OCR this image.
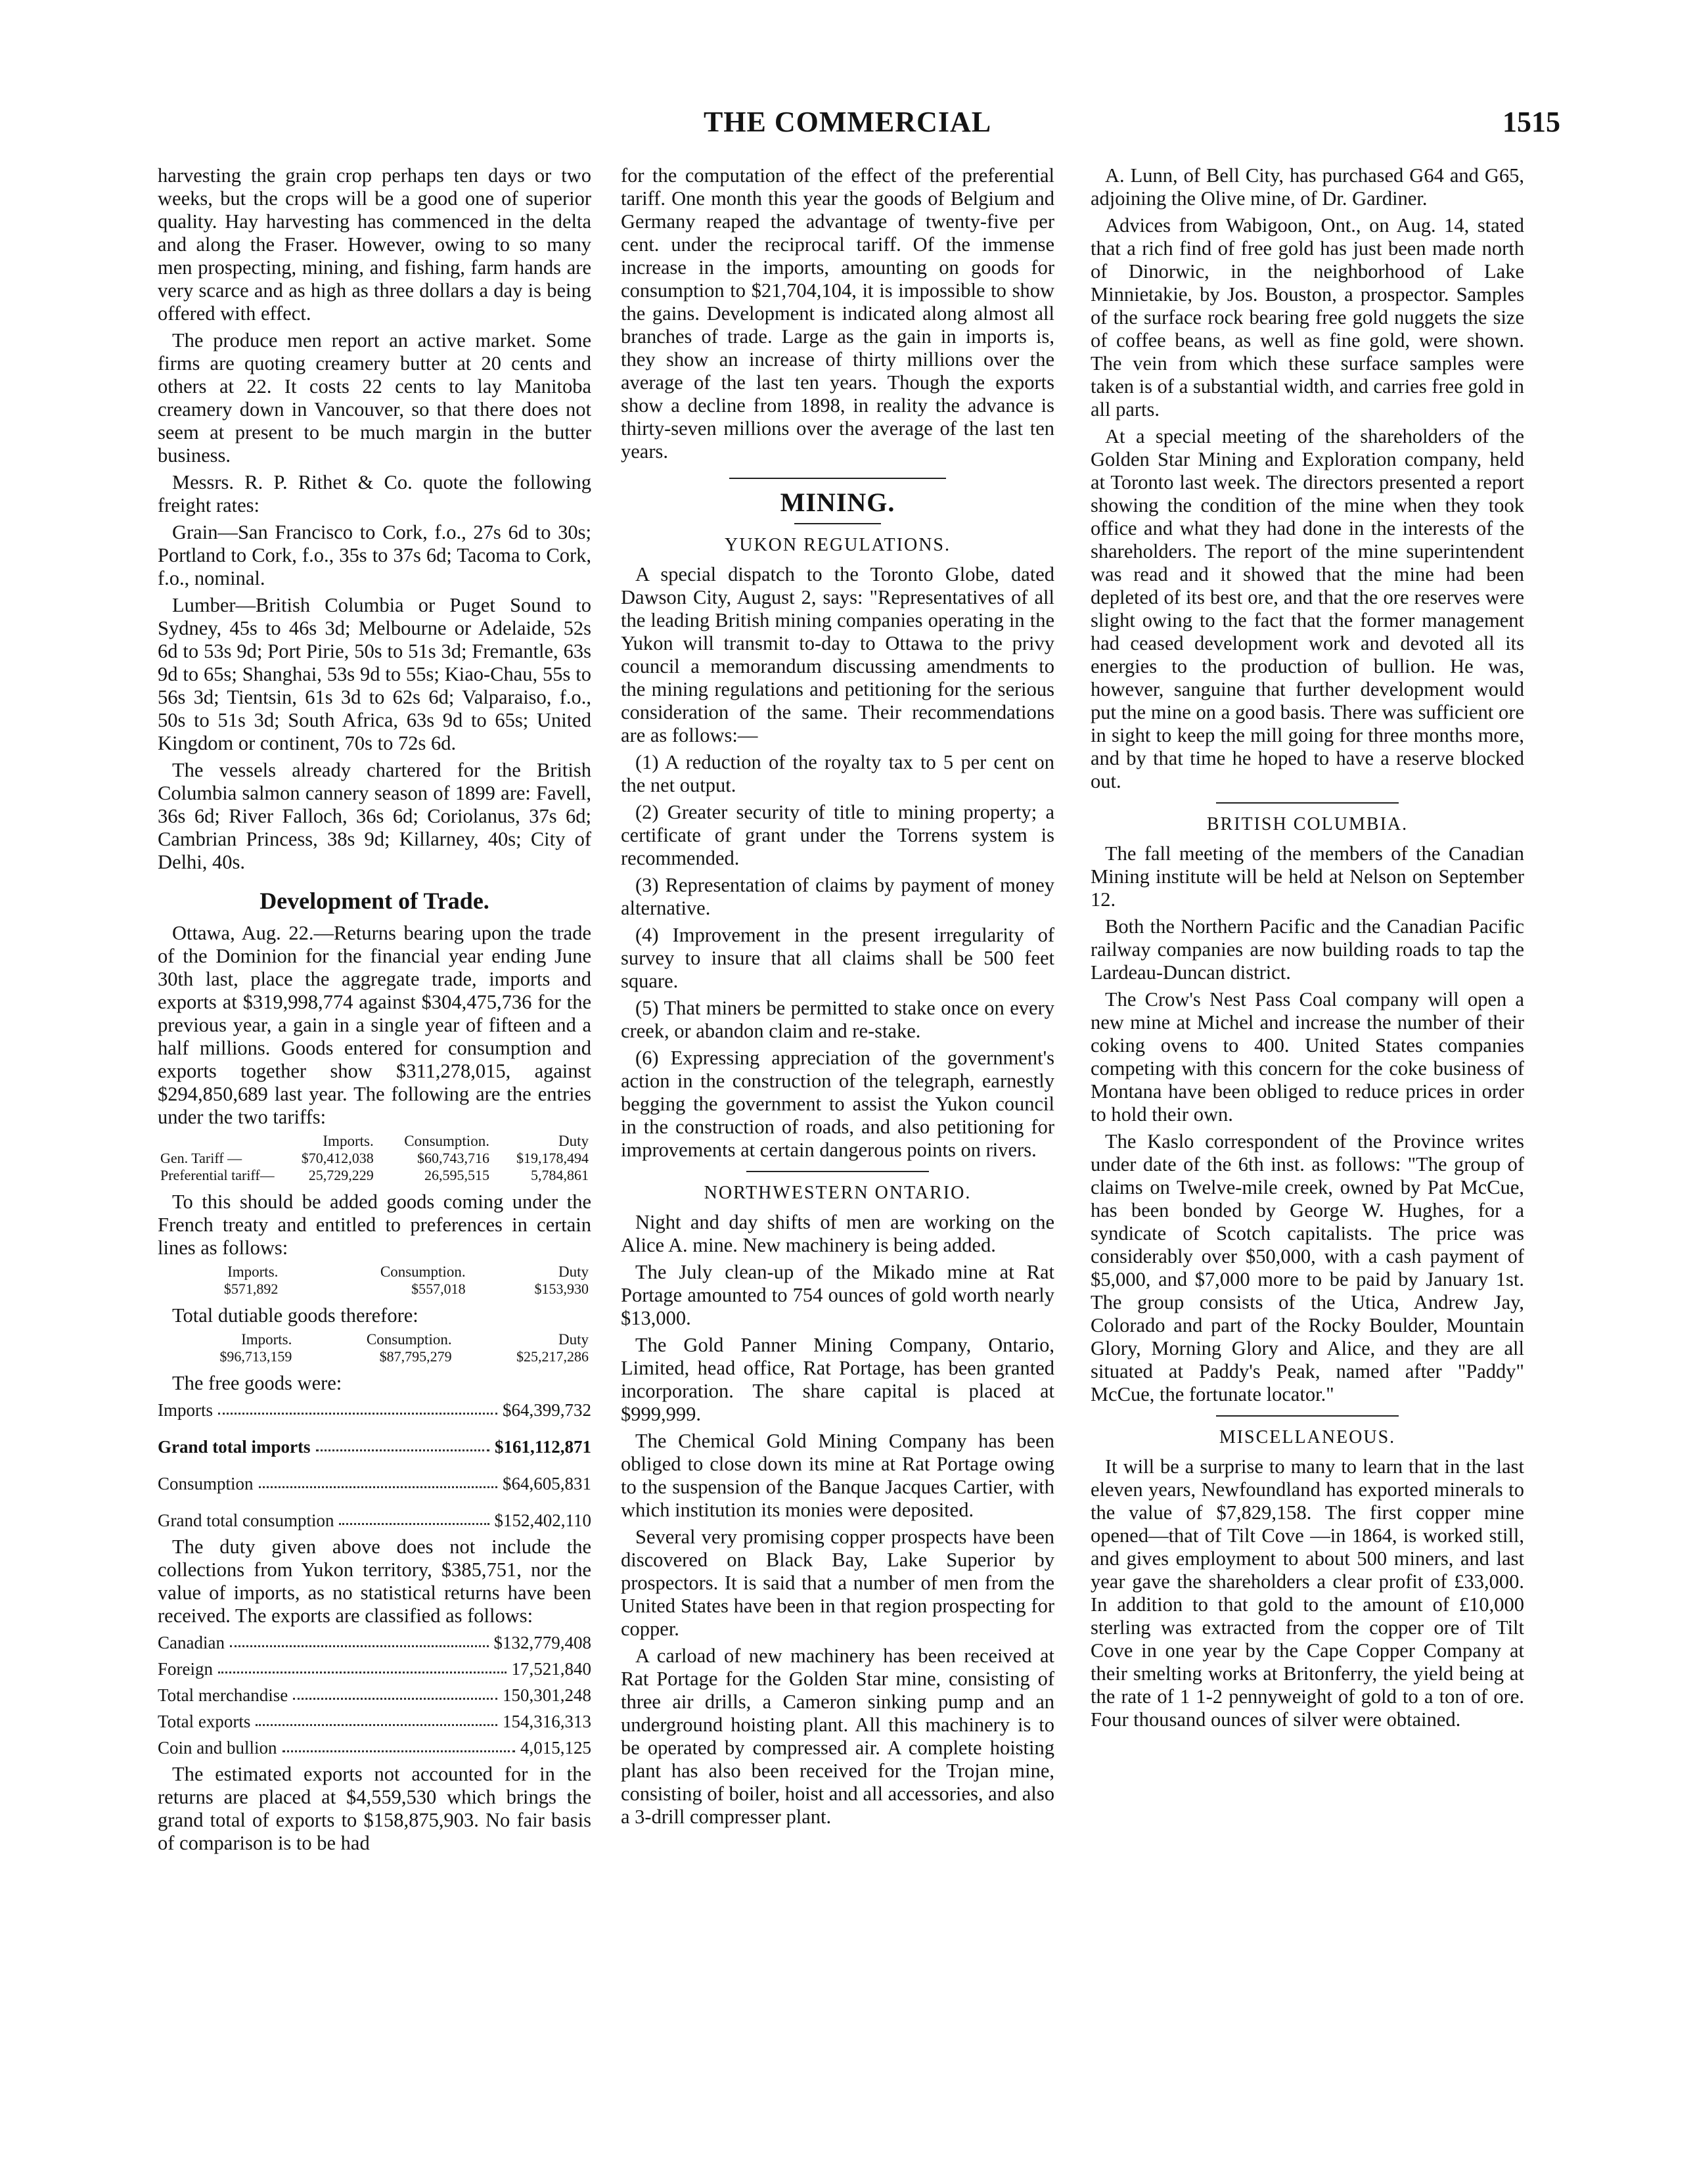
THE COMMERCIAL	1515

harvesting the grain crop perhaps ten days or two weeks, but the crops will be a good one of superior quality. Hay harvesting has commenced in the delta and along the Fraser. However, owing to so many men prospecting, mining, and fishing, farm hands are very scarce and as high as three dollars a day is being offered with effect.

The produce men report an active market. Some firms are quoting creamery butter at 20 cents and others at 22. It costs 22 cents to lay Manitoba creamery down in Vancouver, so that there does not seem at present to be much margin in the butter business.

Messrs. R. P. Rithet & Co. quote the following freight rates:

Grain—San Francisco to Cork, f.o., 27s 6d to 30s; Portland to Cork, f.o., 35s to 37s 6d; Tacoma to Cork, f.o., nominal.

Lumber—British Columbia or Puget Sound to Sydney, 45s to 46s 3d; Melbourne or Adelaide, 52s 6d to 53s 9d; Port Pirie, 50s to 51s 3d; Fremantle, 63s 9d to 65s; Shanghai, 53s 9d to 55s; Kiao-Chau, 55s to 56s 3d; Tientsin, 61s 3d to 62s 6d; Valparaiso, f.o., 50s to 51s 3d; South Africa, 63s 9d to 65s; United Kingdom or continent, 70s to 72s 6d.

The vessels already chartered for the British Columbia salmon cannery season of 1899 are: Favell, 36s 6d; River Falloch, 36s 6d; Coriolanus, 37s 6d; Cambrian Princess, 38s 9d; Killarney, 40s; City of Delhi, 40s.

Development of Trade.

Ottawa, Aug. 22.—Returns bearing upon the trade of the Dominion for the financial year ending June 30th last, place the aggregate trade, imports and exports at $319,998,774 against $304,475,736 for the previous year, a gain in a single year of fifteen and a half millions. Goods entered for consumption and exports together show $311,278,015, against $294,850,689 last year. The following are the entries under the two tariffs:

	Imports.	Consumption.	Duty
Gen. Tariff —	$70,412,038	$60,743,716	$19,178,494
Preferential tariff—	25,729,229	26,595,515	5,784,861

To this should be added goods coming under the French treaty and entitled to preferences in certain lines as follows:

Imports.	Consumption.	Duty
$571,892	$557,018	$153,930

Total dutiable goods therefore:

Imports.	Consumption.	Duty
$96,713,159	$87,795,279	$25,217,286

The free goods were:

Imports	$64,399,732
Grand total imports	$161,112,871
Consumption	$64,605,831
Grand total consumption	$152,402,110

The duty given above does not include the collections from Yukon territory, $385,751, nor the value of imports, as no statistical returns have been received. The exports are classified as follows:

Canadian	$132,779,408
Foreign	17,521,840
Total merchandise	150,301,248
Total exports	154,316,313
Coin and bullion	4,015,125

The estimated exports not accounted for in the returns are placed at $4,559,530 which brings the grand total of exports to $158,875,903. No fair basis of comparison is to be had

for the computation of the effect of the preferential tariff. One month this year the goods of Belgium and Germany reaped the advantage of twenty-five per cent. under the reciprocal tariff. Of the immense increase in the imports, amounting on goods for consumption to $21,704,104, it is impossible to show the gains. Development is indicated along almost all branches of trade. Large as the gain in imports is, they show an increase of thirty millions over the average of the last ten years. Though the exports show a decline from 1898, in reality the advance is thirty-seven millions over the average of the last ten years.

MINING.
YUKON REGULATIONS.

A special dispatch to the Toronto Globe, dated Dawson City, August 2, says: "Representatives of all the leading British mining companies operating in the Yukon will transmit to-day to Ottawa to the privy council a memorandum discussing amendments to the mining regulations and petitioning for the serious consideration of the same. Their recommendations are as follows:—

(1) A reduction of the royalty tax to 5 per cent on the net output.

(2) Greater security of title to mining property; a certificate of grant under the Torrens system is recommended.

(3) Representation of claims by payment of money alternative.

(4) Improvement in the present irregularity of survey to insure that all claims shall be 500 feet square.

(5) That miners be permitted to stake once on every creek, or abandon claim and re-stake.

(6) Expressing appreciation of the government's action in the construction of the telegraph, earnestly begging the government to assist the Yukon council in the construction of roads, and also petitioning for improvements at certain dangerous points on rivers.

NORTHWESTERN ONTARIO.

Night and day shifts of men are working on the Alice A. mine. New machinery is being added.

The July clean-up of the Mikado mine at Rat Portage amounted to 754 ounces of gold worth nearly $13,000.

The Gold Panner Mining Company, Ontario, Limited, head office, Rat Portage, has been granted incorporation. The share capital is placed at $999,999.

The Chemical Gold Mining Company has been obliged to close down its mine at Rat Portage owing to the suspension of the Banque Jacques Cartier, with which institution its monies were deposited.

Several very promising copper prospects have been discovered on Black Bay, Lake Superior by prospectors. It is said that a number of men from the United States have been in that region prospecting for copper.

A carload of new machinery has been received at Rat Portage for the Golden Star mine, consisting of three air drills, a Cameron sinking pump and an underground hoisting plant. All this machinery is to be operated by compressed air. A complete hoisting plant has also been received for the Trojan mine, consisting of boiler, hoist and all accessories, and also a 3-drill compresser plant.

A. Lunn, of Bell City, has purchased G64 and G65, adjoining the Olive mine, of Dr. Gardiner.

Advices from Wabigoon, Ont., on Aug. 14, stated that a rich find of free gold has just been made north of Dinorwic, in the neighborhood of Lake Minnietakie, by Jos. Bouston, a prospector. Samples of the surface rock bearing free gold nuggets the size of coffee beans, as well as fine gold, were shown. The vein from which these surface samples were taken is of a substantial width, and carries free gold in all parts.

At a special meeting of the shareholders of the Golden Star Mining and Exploration company, held at Toronto last week. The directors presented a report showing the condition of the mine when they took office and what they had done in the interests of the shareholders. The report of the mine superintendent was read and it showed that the mine had been depleted of its best ore, and that the ore reserves were slight owing to the fact that the former management had ceased development work and devoted all its energies to the production of bullion. He was, however, sanguine that further development would put the mine on a good basis. There was sufficient ore in sight to keep the mill going for three months more, and by that time he hoped to have a reserve blocked out.

BRITISH COLUMBIA.

The fall meeting of the members of the Canadian Mining institute will be held at Nelson on September 12.

Both the Northern Pacific and the Canadian Pacific railway companies are now building roads to tap the Lardeau-Duncan district.

The Crow's Nest Pass Coal company will open a new mine at Michel and increase the number of their coking ovens to 400. United States companies competing with this concern for the coke business of Montana have been obliged to reduce prices in order to hold their own.

The Kaslo correspondent of the Province writes under date of the 6th inst. as follows: "The group of claims on Twelve-mile creek, owned by Pat McCue, has been bonded by George W. Hughes, for a syndicate of Scotch capitalists. The price was considerably over $50,000, with a cash payment of $5,000, and $7,000 more to be paid by January 1st. The group consists of the Utica, Andrew Jay, Colorado and part of the Rocky Boulder, Mountain Glory, Morning Glory and Alice, and they are all situated at Paddy's Peak, named after "Paddy" McCue, the fortunate locator."

MISCELLANEOUS.

It will be a surprise to many to learn that in the last eleven years, Newfoundland has exported minerals to the value of $7,829,158. The first copper mine opened—that of Tilt Cove —in 1864, is worked still, and gives employment to about 500 miners, and last year gave the shareholders a clear profit of £33,000. In addition to that gold to the amount of £10,000 sterling was extracted from the copper ore of Tilt Cove in one year by the Cape Copper Company at their smelting works at Britonferry, the yield being at the rate of 1 1-2 pennyweight of gold to a ton of ore. Four thousand ounces of silver were obtained.
